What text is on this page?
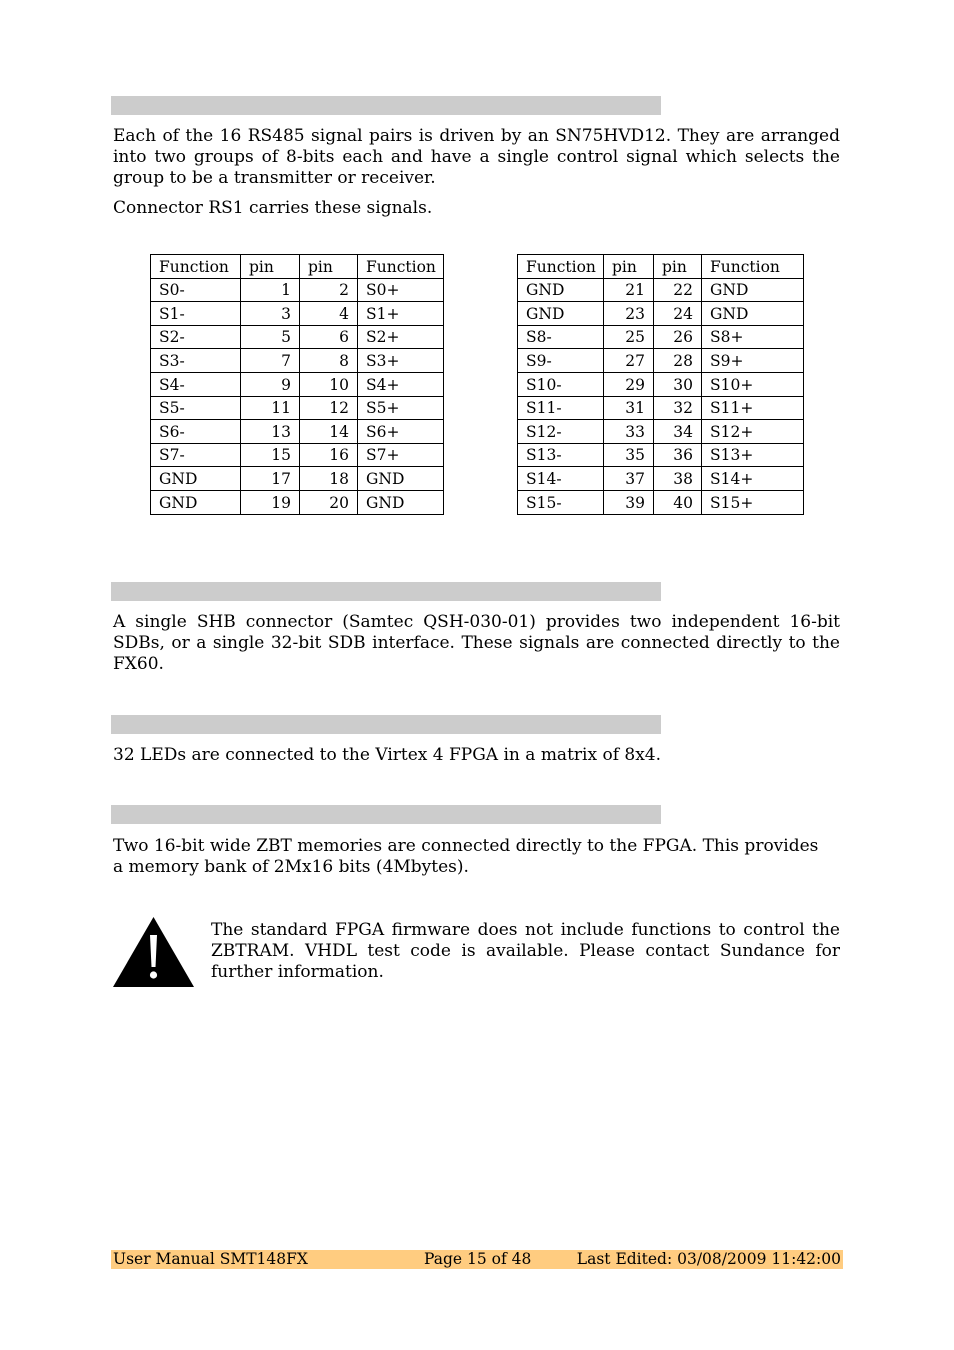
Each of the 16 RS485 signal pairs is driven by an SN75HVD12. They are arranged into two groups of 8-bits each and have a single control signal which selects the group to be a transmitter or receiver.

Connector RS1 carries these signals.

Function	pin	pin	Function
S0-	1	2	S0+
S1-	3	4	S1+
S2-	5	6	S2+
S3-	7	8	S3+
S4-	9	10	S4+
S5-	11	12	S5+
S6-	13	14	S6+
S7-	15	16	S7+
GND	17	18	GND
GND	19	20	GND
Function	pin	pin	Function
GND	21	22	GND
GND	23	24	GND
S8-	25	26	S8+
S9-	27	28	S9+
S10-	29	30	S10+
S11-	31	32	S11+
S12-	33	34	S12+
S13-	35	36	S13+
S14-	37	38	S14+
S15-	39	40	S15+

A single SHB connector (Samtec QSH-030-01) provides two independent 16-bit SDBs, or a single 32-bit SDB interface. These signals are connected directly to the FX60.

32 LEDs are connected to the Virtex 4 FPGA in a matrix of 8x4.

Two 16-bit wide ZBT memories are connected directly to the FPGA. This provides a memory bank of 2Mx16 bits (4Mbytes).

The standard FPGA firmware does not include functions to control the ZBTRAM. VHDL test code is available. Please contact Sundance for further information.

User Manual SMT148FX	Page 15 of 48	Last Edited: 03/08/2009 11:42:00
